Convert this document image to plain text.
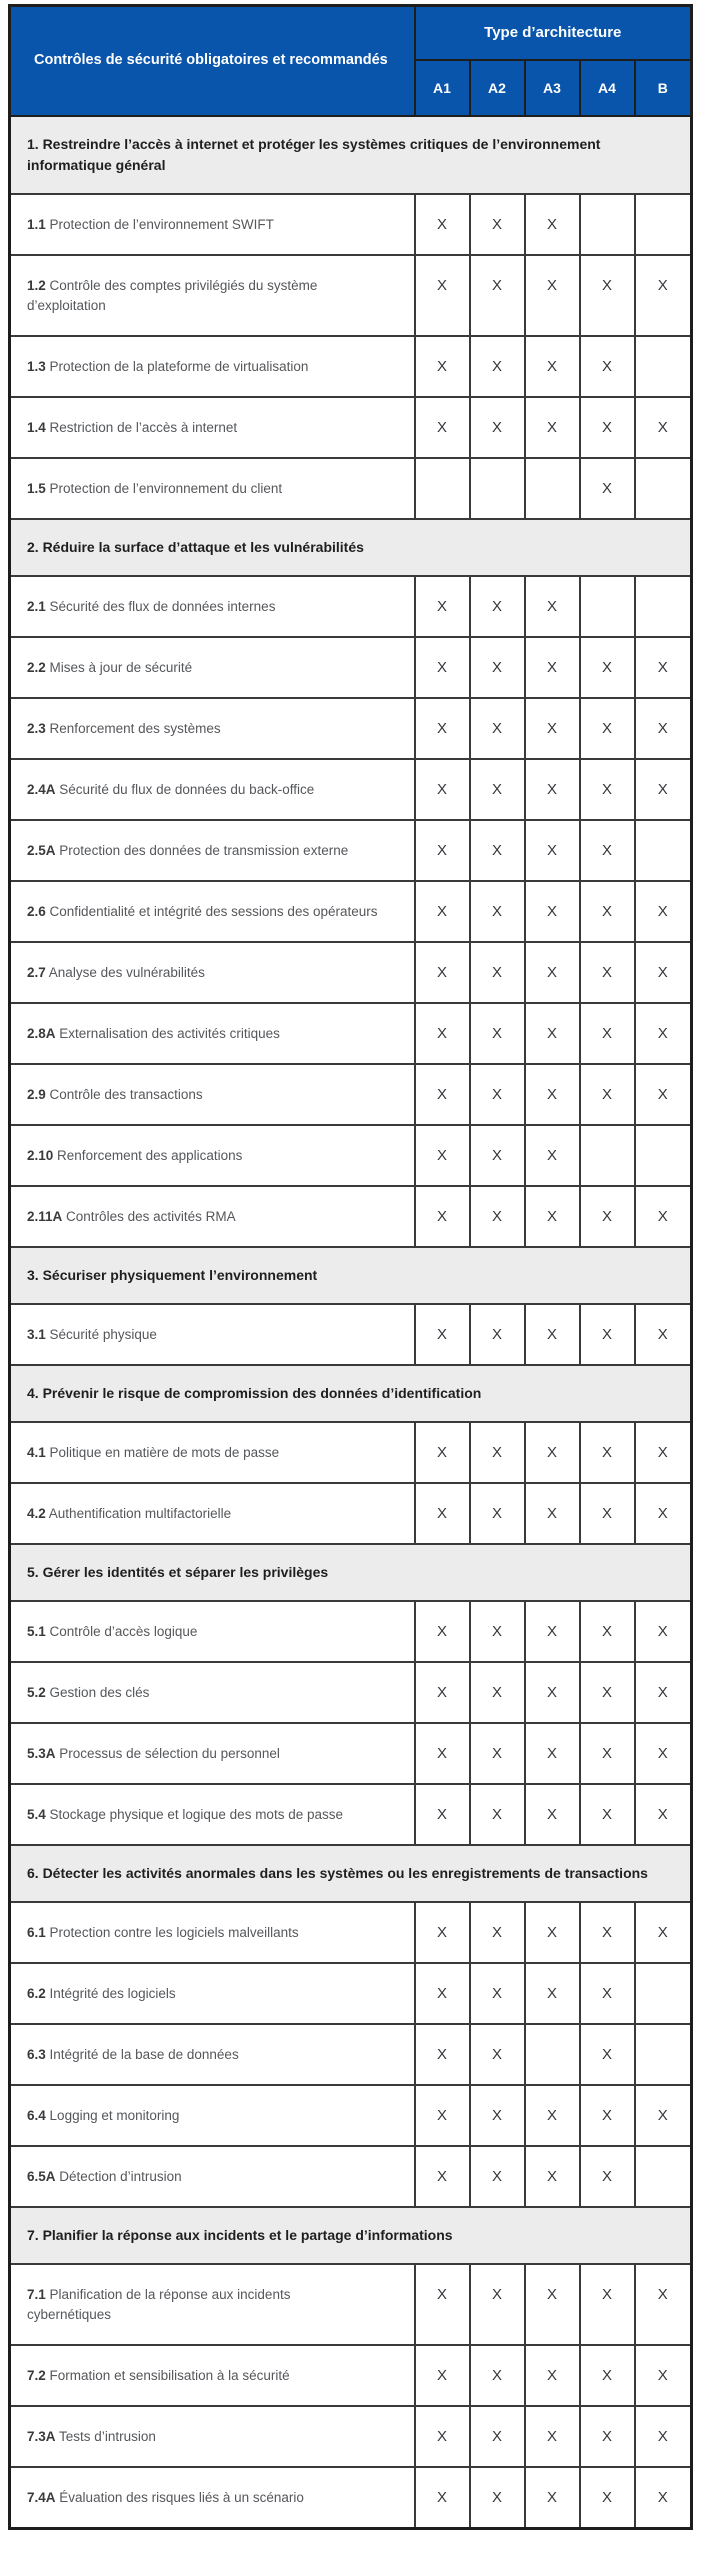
Contrôles de sécurité obligatoires et recommandés	Type d’architecture				
	A1	A2	A3	A4	B
1. Restreindre l’accès à internet et protéger les systèmes critiques de l’environnement informatique général					
1.1 Protection de l’environnement SWIFT	X	X	X		
1.2 Contrôle des comptes privilégiés du système d’exploitation	X	X	X	X	X
1.3 Protection de la plateforme de virtualisation	X	X	X	X	
1.4 Restriction de l’accès à internet	X	X	X	X	X
1.5 Protection de l’environnement du client				X	
2. Réduire la surface d’attaque et les vulnérabilités					
2.1 Sécurité des flux de données internes	X	X	X		
2.2 Mises à jour de sécurité	X	X	X	X	X
2.3 Renforcement des systèmes	X	X	X	X	X
2.4A Sécurité du flux de données du back-office	X	X	X	X	X
2.5A Protection des données de transmission externe	X	X	X	X	
2.6 Confidentialité et intégrité des sessions des opérateurs	X	X	X	X	X
2.7 Analyse des vulnérabilités	X	X	X	X	X
2.8A Externalisation des activités critiques	X	X	X	X	X
2.9 Contrôle des transactions	X	X	X	X	X
2.10 Renforcement des applications	X	X	X		
2.11A Contrôles des activités RMA	X	X	X	X	X
3. Sécuriser physiquement l’environnement					
3.1 Sécurité physique	X	X	X	X	X
4. Prévenir le risque de compromission des données d’identification					
4.1 Politique en matière de mots de passe	X	X	X	X	X
4.2 Authentification multifactorielle	X	X	X	X	X
5. Gérer les identités et séparer les privilèges					
5.1 Contrôle d’accès logique	X	X	X	X	X
5.2 Gestion des clés	X	X	X	X	X
5.3A Processus de sélection du personnel	X	X	X	X	X
5.4 Stockage physique et logique des mots de passe	X	X	X	X	X
6. Détecter les activités anormales dans les systèmes ou les enregistrements de transactions					
6.1 Protection contre les logiciels malveillants	X	X	X	X	X
6.2 Intégrité des logiciels	X	X	X	X	
6.3 Intégrité de la base de données	X	X		X	
6.4 Logging et monitoring	X	X	X	X	X
6.5A Détection d’intrusion	X	X	X	X	
7. Planifier la réponse aux incidents et le partage d’informations					
7.1 Planification de la réponse aux incidents cybernétiques	X	X	X	X	X
7.2 Formation et sensibilisation à la sécurité	X	X	X	X	X
7.3A Tests d’intrusion	X	X	X	X	X
7.4A Évaluation des risques liés à un scénario	X	X	X	X	X
